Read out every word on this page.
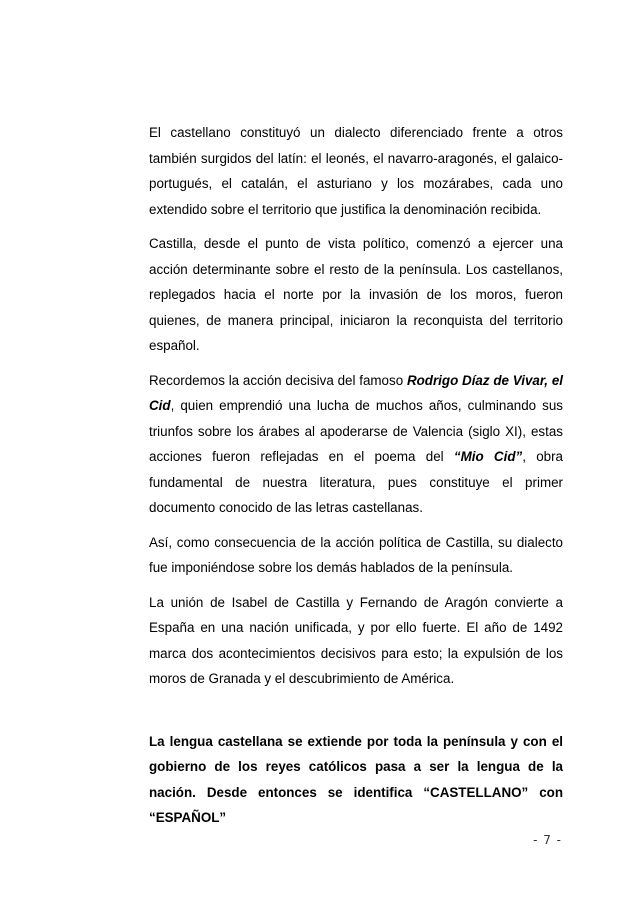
El castellano constituyó un dialecto diferenciado frente a otros también surgidos del latín: el leonés, el navarro-aragonés, el galaico-portugués, el catalán, el asturiano y los mozárabes, cada uno extendido sobre el territorio que justifica la denominación recibida.

Castilla, desde el punto de vista político, comenzó a ejercer una acción determinante sobre el resto de la península. Los castellanos, replegados hacia el norte por la invasión de los moros, fueron quienes, de manera principal, iniciaron la reconquista del territorio español.

Recordemos la acción decisiva del famoso Rodrigo Díaz de Vivar, el Cid, quien emprendió una lucha de muchos años, culminando sus triunfos sobre los árabes al apoderarse de Valencia (siglo XI), estas acciones fueron reflejadas en el poema del “Mio Cid”, obra fundamental de nuestra literatura, pues constituye el primer documento conocido de las letras castellanas.

Así, como consecuencia de la acción política de Castilla, su dialecto fue imponiéndose sobre los demás hablados de la península.

La unión de Isabel de Castilla y Fernando de Aragón convierte a España en una nación unificada, y por ello fuerte. El año de 1492 marca dos acontecimientos decisivos para esto; la expulsión de los moros de Granada y el descubrimiento de América.

La lengua castellana se extiende por toda la península y con el gobierno de los reyes católicos pasa a ser la lengua de la nación. Desde entonces se identifica “CASTELLANO” con “ESPAÑOL”

- 7 -
